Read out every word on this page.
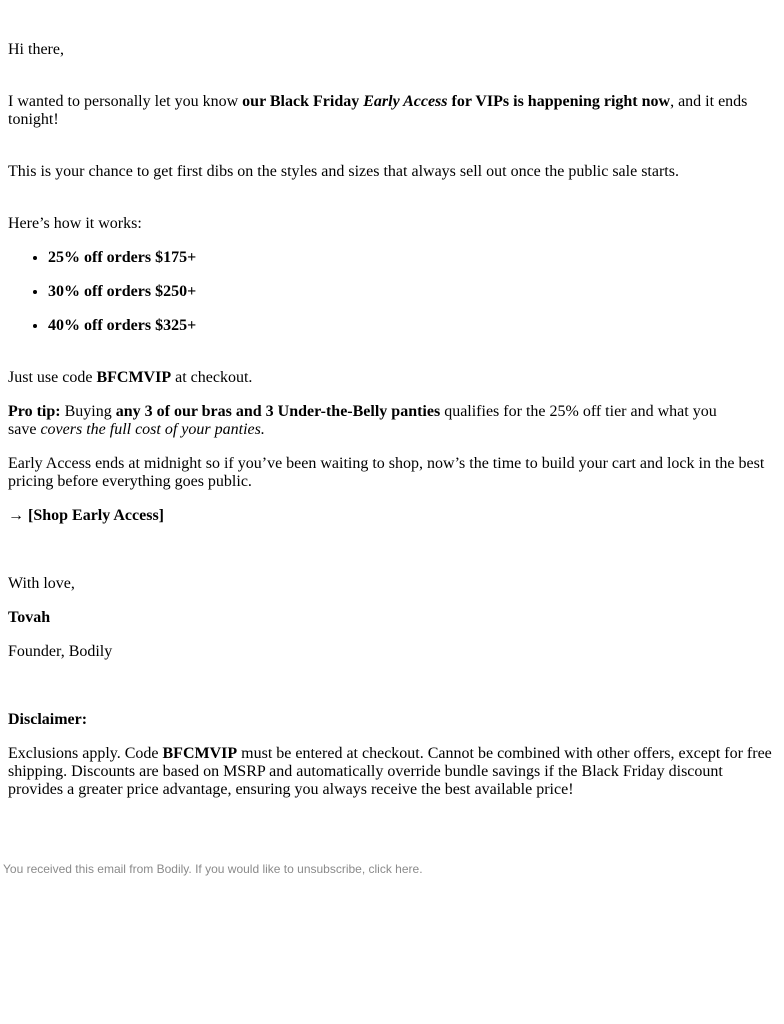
Hi there,

I wanted to personally let you know our Black Friday Early Access for VIPs is happening right now, and it ends tonight!

This is your chance to get first dibs on the styles and sizes that always sell out once the public sale starts.

Here’s how it works:

• 25% off orders $175+
• 30% off orders $250+
• 40% off orders $325+

Just use code BFCMVIP at checkout.

Pro tip: Buying any 3 of our bras and 3 Under-the-Belly panties qualifies for the 25% off tier and what you save covers the full cost of your panties.

Early Access ends at midnight so if you’ve been waiting to shop, now’s the time to build your cart and lock in the best pricing before everything goes public.

→ [Shop Early Access]

With love,

Tovah

Founder, Bodily

Disclaimer:

Exclusions apply. Code BFCMVIP must be entered at checkout. Cannot be combined with other offers, except for free shipping. Discounts are based on MSRP and automatically override bundle savings if the Black Friday discount provides a greater price advantage, ensuring you always receive the best available price!

You received this email from Bodily. If you would like to unsubscribe, click here.
